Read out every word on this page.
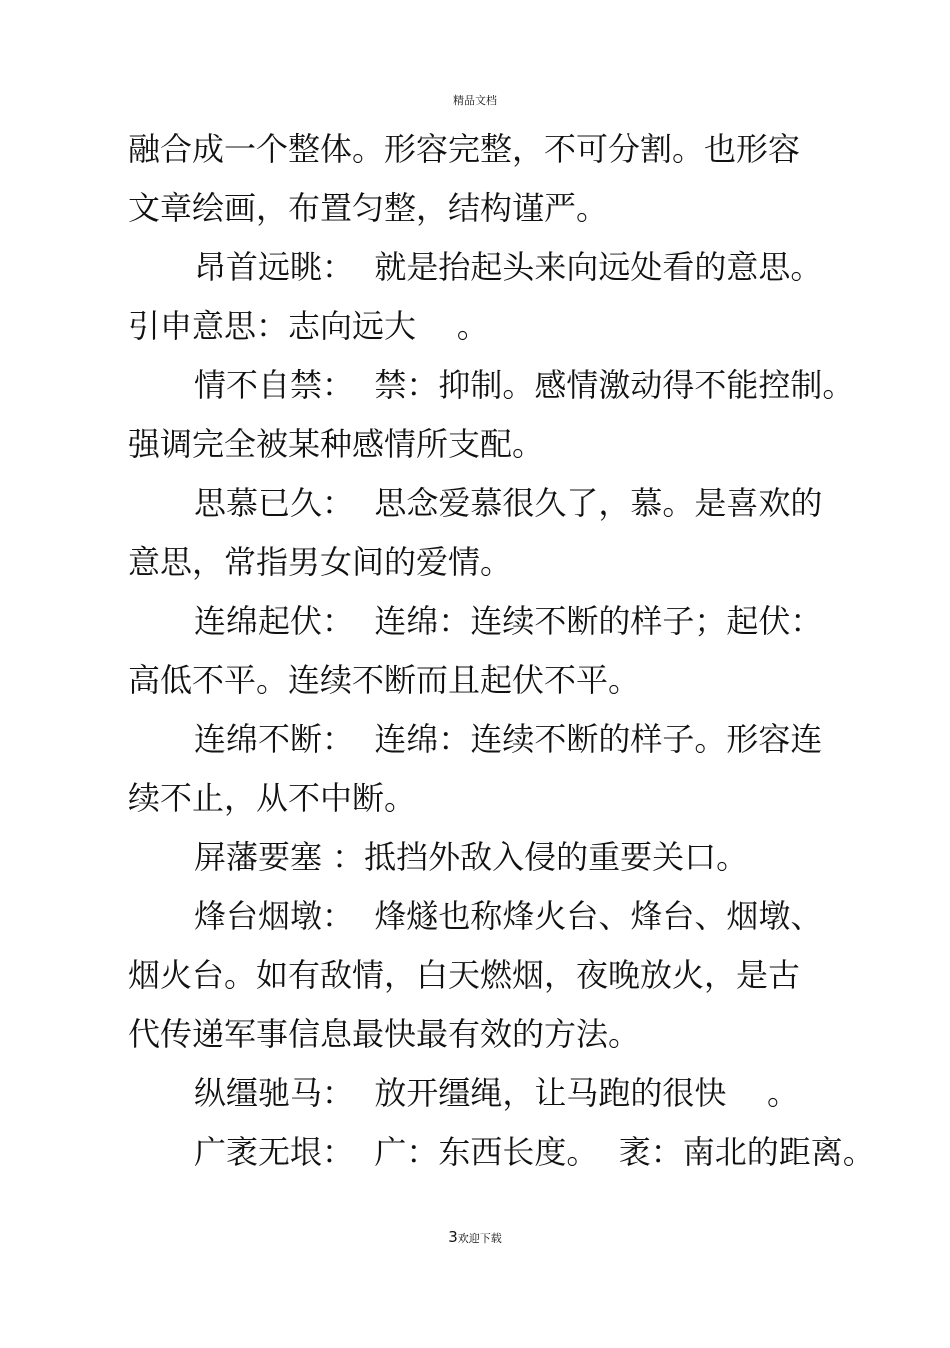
精品文档
融合成一个整体。形容完整，不可分割。也形容
文章绘画，布置匀整，结构谨严。
昂首远眺：  就是抬起头来向远处看的意思。
引申意思：志向远大    。
情不自禁：  禁：抑制。感情激动得不能控制。
强调完全被某种感情所支配。
思慕已久：  思念爱慕很久了，慕。是喜欢的
意思，常指男女间的爱情。
连绵起伏：  连绵：连续不断的样子；起伏：
高低不平。连续不断而且起伏不平。
连绵不断：  连绵：连续不断的样子。形容连
续不止，从不中断。
屏藩要塞 ：抵挡外敌入侵的重要关口。
烽台烟墩：  烽燧也称烽火台、烽台、烟墩、
烟火台。如有敌情，白天燃烟，夜晚放火，是古
代传递军事信息最快最有效的方法。
纵缰驰马：  放开缰绳，让马跑的很快    。
广袤无垠：  广：东西长度。  袤：南北的距离。
3欢迎下载
